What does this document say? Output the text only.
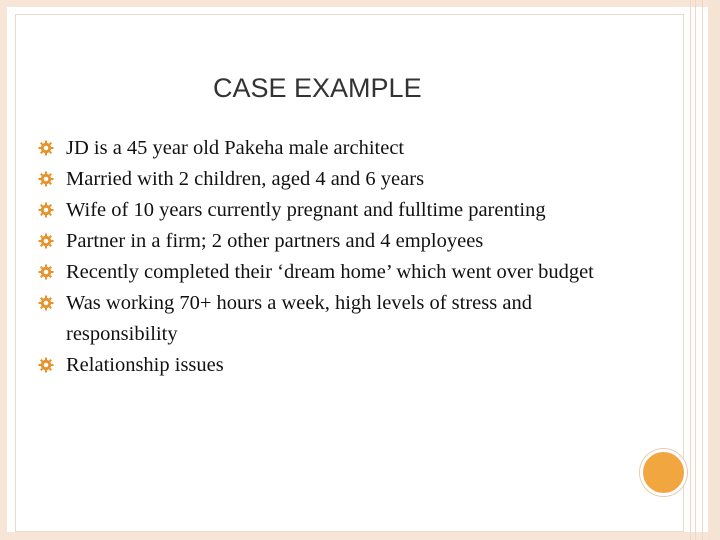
CASE EXAMPLE
JD is a 45 year old Pakeha male architect
Married with 2 children, aged 4 and 6 years
Wife of 10 years currently pregnant and fulltime parenting
Partner in a firm; 2 other partners and 4 employees
Recently completed their ‘dream home’ which went over budget
Was working 70+ hours a week, high levels of stress and responsibility
Relationship issues
